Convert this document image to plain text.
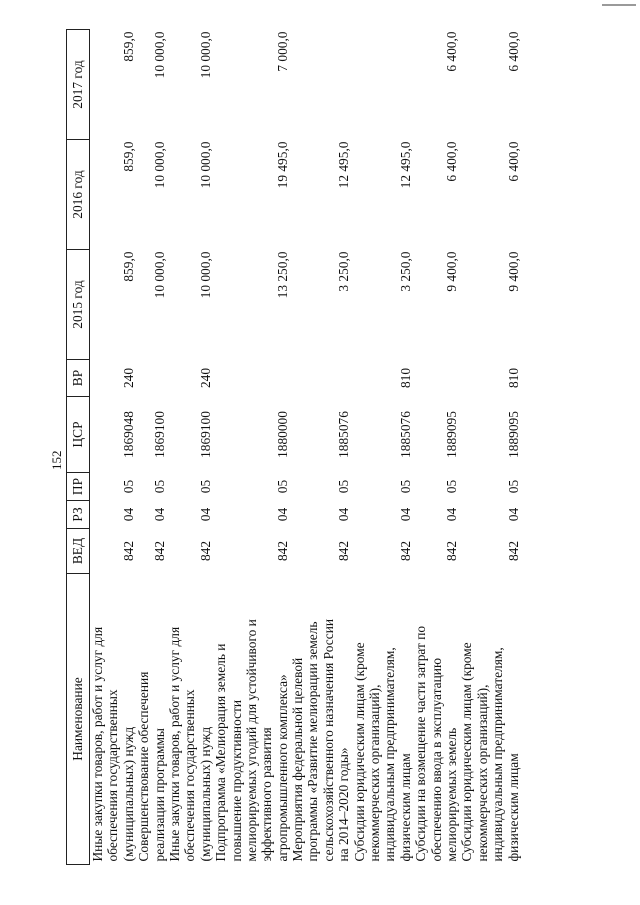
152
Наименование	ВЕД	РЗ	ПР	ЦСР	ВР	2015 год	2016 год	2017 год

Иные закупки товаров, работ и услуг для обеспечения государственных (муниципальных) нужд	842	04	05	1869048	240	859,0	859,0	859,0

Совершенствование обеспечения реализации программы	842	04	05	1869100		10 000,0	10 000,0	10 000,0

Иные закупки товаров, работ и услуг для обеспечения государственных (муниципальных) нужд	842	04	05	1869100	240	10 000,0	10 000,0	10 000,0

Подпрограмма «Мелиорация земель и повышение продуктивности мелиорируемых угодий для устойчивого и эффективного развития агропромышленного комплекса»	842	04	05	1880000		13 250,0	19 495,0	7 000,0

Мероприятия федеральной целевой программы «Развитие мелиорации земель сельскохозяйственного назначения России на 2014–2020 годы»	842	04	05	1885076		3 250,0	12 495,0	

Субсидии юридическим лицам (кроме некоммерческих организаций), индивидуальным предпринимателям, физическим лицам	842	04	05	1885076	810	3 250,0	12 495,0	

Субсидии на возмещение части затрат по обеспечению ввода в эксплуатацию мелиорируемых земель	842	04	05	1889095		9 400,0	6 400,0	6 400,0

Субсидии юридическим лицам (кроме некоммерческих организаций), индивидуальным предпринимателям, физическим лицам	842	04	05	1889095	810	9 400,0	6 400,0	6 400,0
